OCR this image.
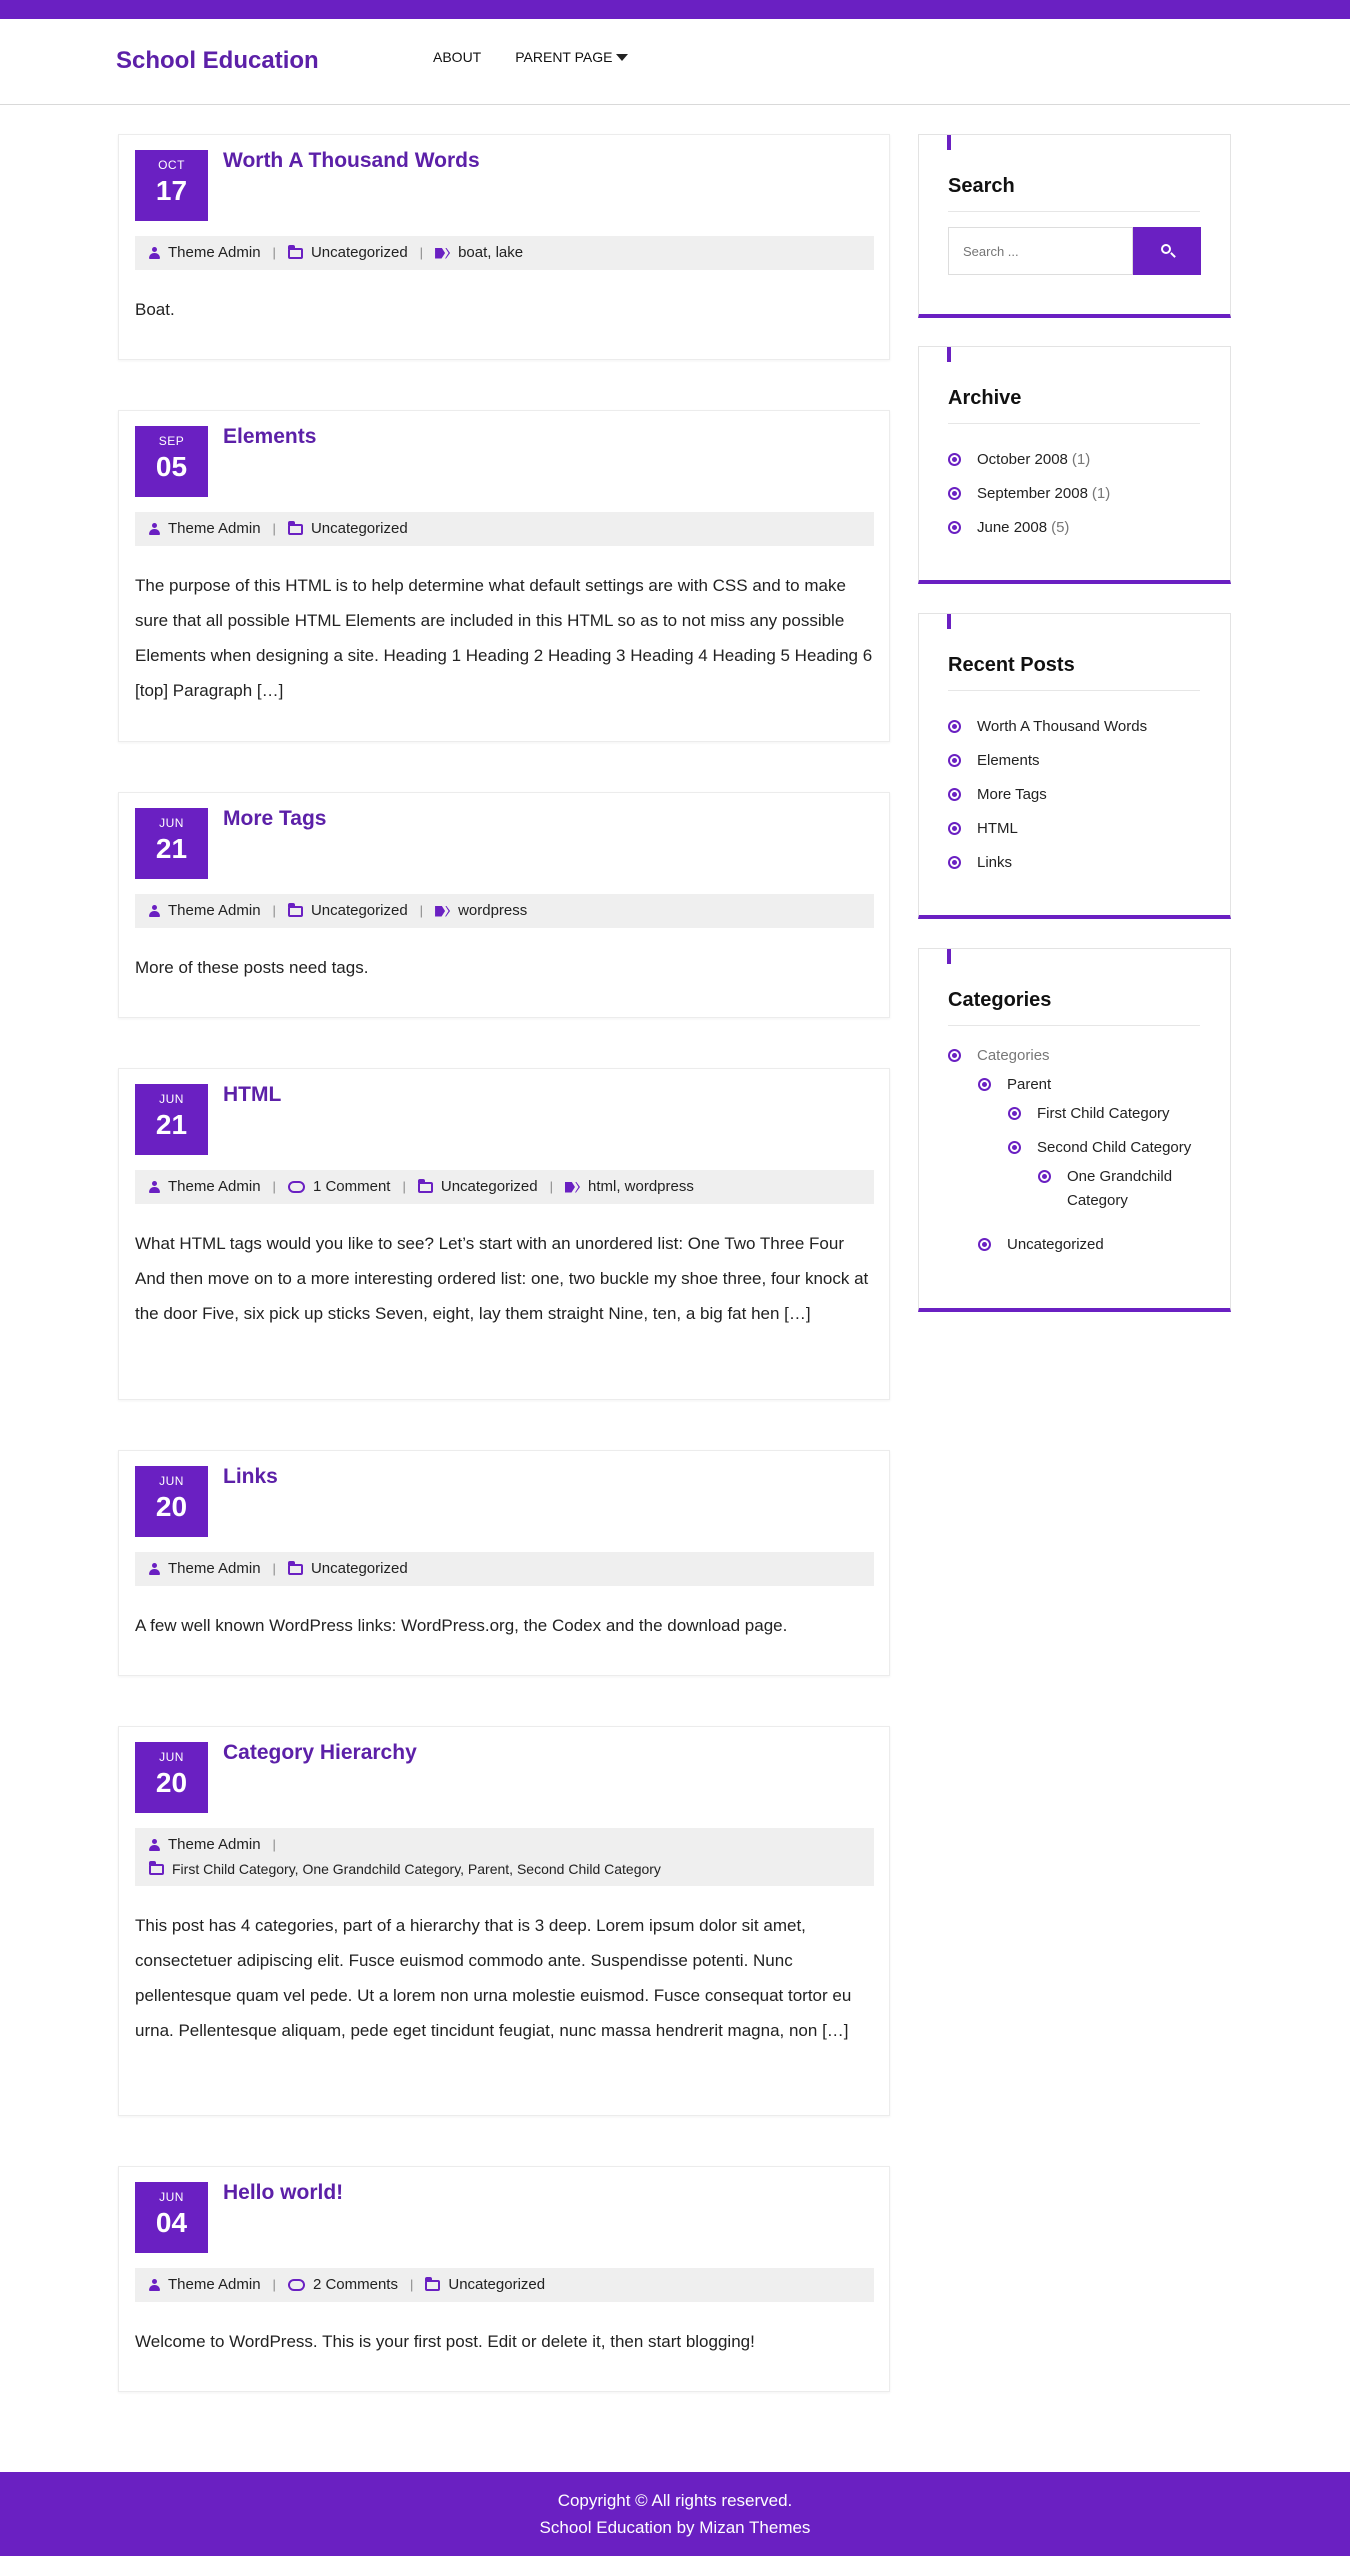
School Education	ABOUT PARENT PAGE
OCT
17
Worth A Thousand Words
Theme Admin | Uncategorized | boat, lake
Boat.
SEP
05
Elements
Theme Admin | Uncategorized
The purpose of this HTML is to help determine what default settings are with CSS and to make sure that all possible HTML Elements are included in this HTML so as to not miss any possible Elements when designing a site. Heading 1 Heading 2 Heading 3 Heading 4 Heading 5 Heading 6 [top] Paragraph […]
JUN
21
More Tags
Theme Admin | Uncategorized | wordpress
More of these posts need tags.
JUN
21
HTML
Theme Admin | 1 Comment | Uncategorized | html, wordpress
What HTML tags would you like to see? Let’s start with an unordered list: One Two Three Four And then move on to a more interesting ordered list: one, two buckle my shoe three, four knock at the door Five, six pick up sticks Seven, eight, lay them straight Nine, ten, a big fat hen […]
JUN
20
Links
Theme Admin | Uncategorized
A few well known WordPress links: WordPress.org, the Codex and the download page.
JUN
20
Category Hierarchy
Theme Admin |
First Child Category, One Grandchild Category, Parent, Second Child Category
This post has 4 categories, part of a hierarchy that is 3 deep. Lorem ipsum dolor sit amet, consectetuer adipiscing elit. Fusce euismod commodo ante. Suspendisse potenti. Nunc pellentesque quam vel pede. Ut a lorem non urna molestie euismod. Fusce consequat tortor eu urna. Pellentesque aliquam, pede eget tincidunt feugiat, nunc massa hendrerit magna, non […]
JUN
04
Hello world!
Theme Admin | 2 Comments | Uncategorized
Welcome to WordPress. This is your first post. Edit or delete it, then start blogging!
Search
Search ...
Archive
October 2008 (1)
September 2008 (1)
June 2008 (5)
Recent Posts
Worth A Thousand Words
Elements
More Tags
HTML
Links
Categories
Categories
Parent
First Child Category
Second Child Category
One Grandchild Category
Uncategorized
Copyright © All rights reserved.
School Education by Mizan Themes
